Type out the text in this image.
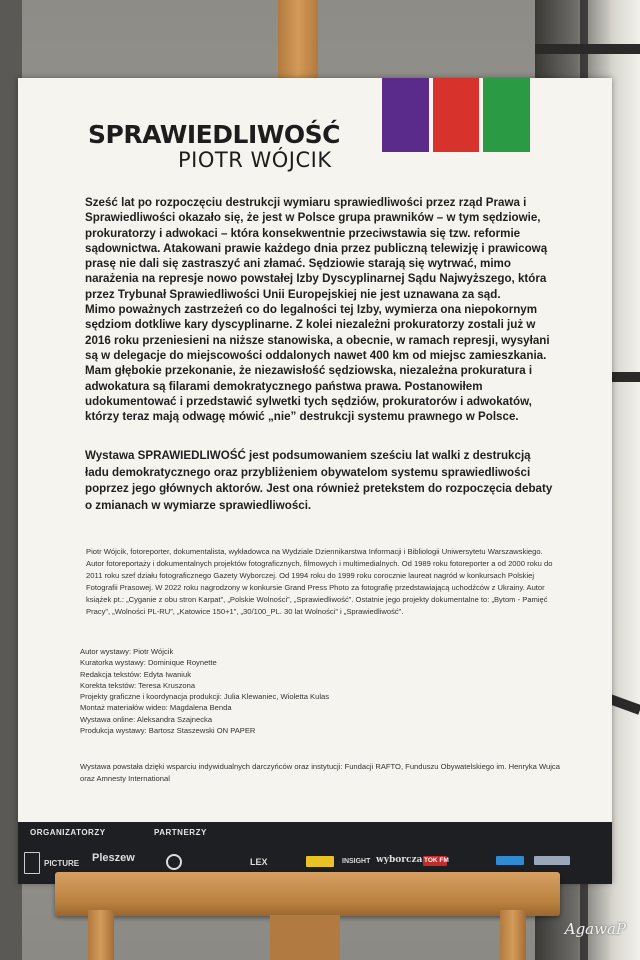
SPRAWIEDLIWOŚĆ
PIOTR WÓJCIK

Sześć lat po rozpoczęciu destrukcji wymiaru sprawiedliwości przez rząd Prawa i Sprawiedliwości okazało się, że jest w Polsce grupa prawników – w tym sędziowie, prokuratorzy i adwokaci – która konsekwentnie przeciwstawia się tzw. reformie sądownictwa. Atakowani prawie każdego dnia przez publiczną telewizję i prawicową prasę nie dali się zastraszyć ani złamać. Sędziowie starają się wytrwać, mimo narażenia na represje nowo powstałej Izby Dyscyplinarnej Sądu Najwyższego, która przez Trybunał Sprawiedliwości Unii Europejskiej nie jest uznawana za sąd.

Mimo poważnych zastrzeżeń co do legalności tej Izby, wymierza ona niepokornym sędziom dotkliwe kary dyscyplinarne. Z kolei niezależni prokuratorzy zostali już w 2016 roku przeniesieni na niższe stanowiska, a obecnie, w ramach represji, wysyłani są w delegacje do miejscowości oddalonych nawet 400 km od miejsc zamieszkania.

Mam głębokie przekonanie, że niezawisłość sędziowska, niezależna prokuratura i adwokatura są filarami demokratycznego państwa prawa. Postanowiłem udokumentować i przedstawić sylwetki tych sędziów, prokuratorów i adwokatów, którzy teraz mają odwagę mówić „nie” destrukcji systemu prawnego w Polsce.

Wystawa SPRAWIEDLIWOŚĆ jest podsumowaniem sześciu lat walki z destrukcją ładu demokratycznego oraz przybliżeniem obywatelom systemu sprawiedliwości poprzez jego głównych aktorów. Jest ona również pretekstem do rozpoczęcia debaty o zmianach w wymiarze sprawiedliwości.
Piotr Wójcik, fotoreporter, dokumentalista, wykładowca na Wydziale Dziennikarstwa Informacji i Bibliologii Uniwersytetu Warszawskiego. Autor fotoreportaży i dokumentalnych projektów fotograficznych, filmowych i multimedialnych. Od 1989 roku fotoreporter a od 2000 roku do 2011 roku szef działu fotograficznego Gazety Wyborczej. Od 1994 roku do 1999 roku corocznie laureat nagród w konkursach Polskiej Fotografii Prasowej. W 2022 roku nagrodzony w konkursie Grand Press Photo za fotografię przedstawiającą uchodźców z Ukrainy. Autor książek pt.: „Cyganie z obu stron Karpat”, „Polskie Wolności”, „Sprawiedliwość”. Ostatnie jego projekty dokumentalne to: „Bytom - Pamięć Pracy”, „Wolności PL-RU”, „Katowice 150+1”, „30/100_PL. 30 lat Wolności” i „Sprawiedliwość”.
Autor wystawy: Piotr Wójcik
Kuratorka wystawy: Dominique Roynette
Redakcja tekstów: Edyta Iwaniuk
Korekta tekstów: Teresa Kruszona
Projekty graficzne i koordynacja produkcji: Julia Klewaniec, Wioletta Kulas
Montaż materiałów wideo: Magdalena Benda
Wystawa online: Aleksandra Szajnecka
Produkcja wystawy: Bartosz Staszewski ON PAPER
Wystawa powstała dzięki wsparciu indywidualnych darczyńców oraz instytucji: Fundacji RAFTO, Funduszu Obywatelskiego im. Henryka Wujca oraz Amnesty International
ORGANIZATORZY	PARTNERZY
PICTURE Pleszew	LEX	INSIGHT wyborcza TOK FM
AgawaP
